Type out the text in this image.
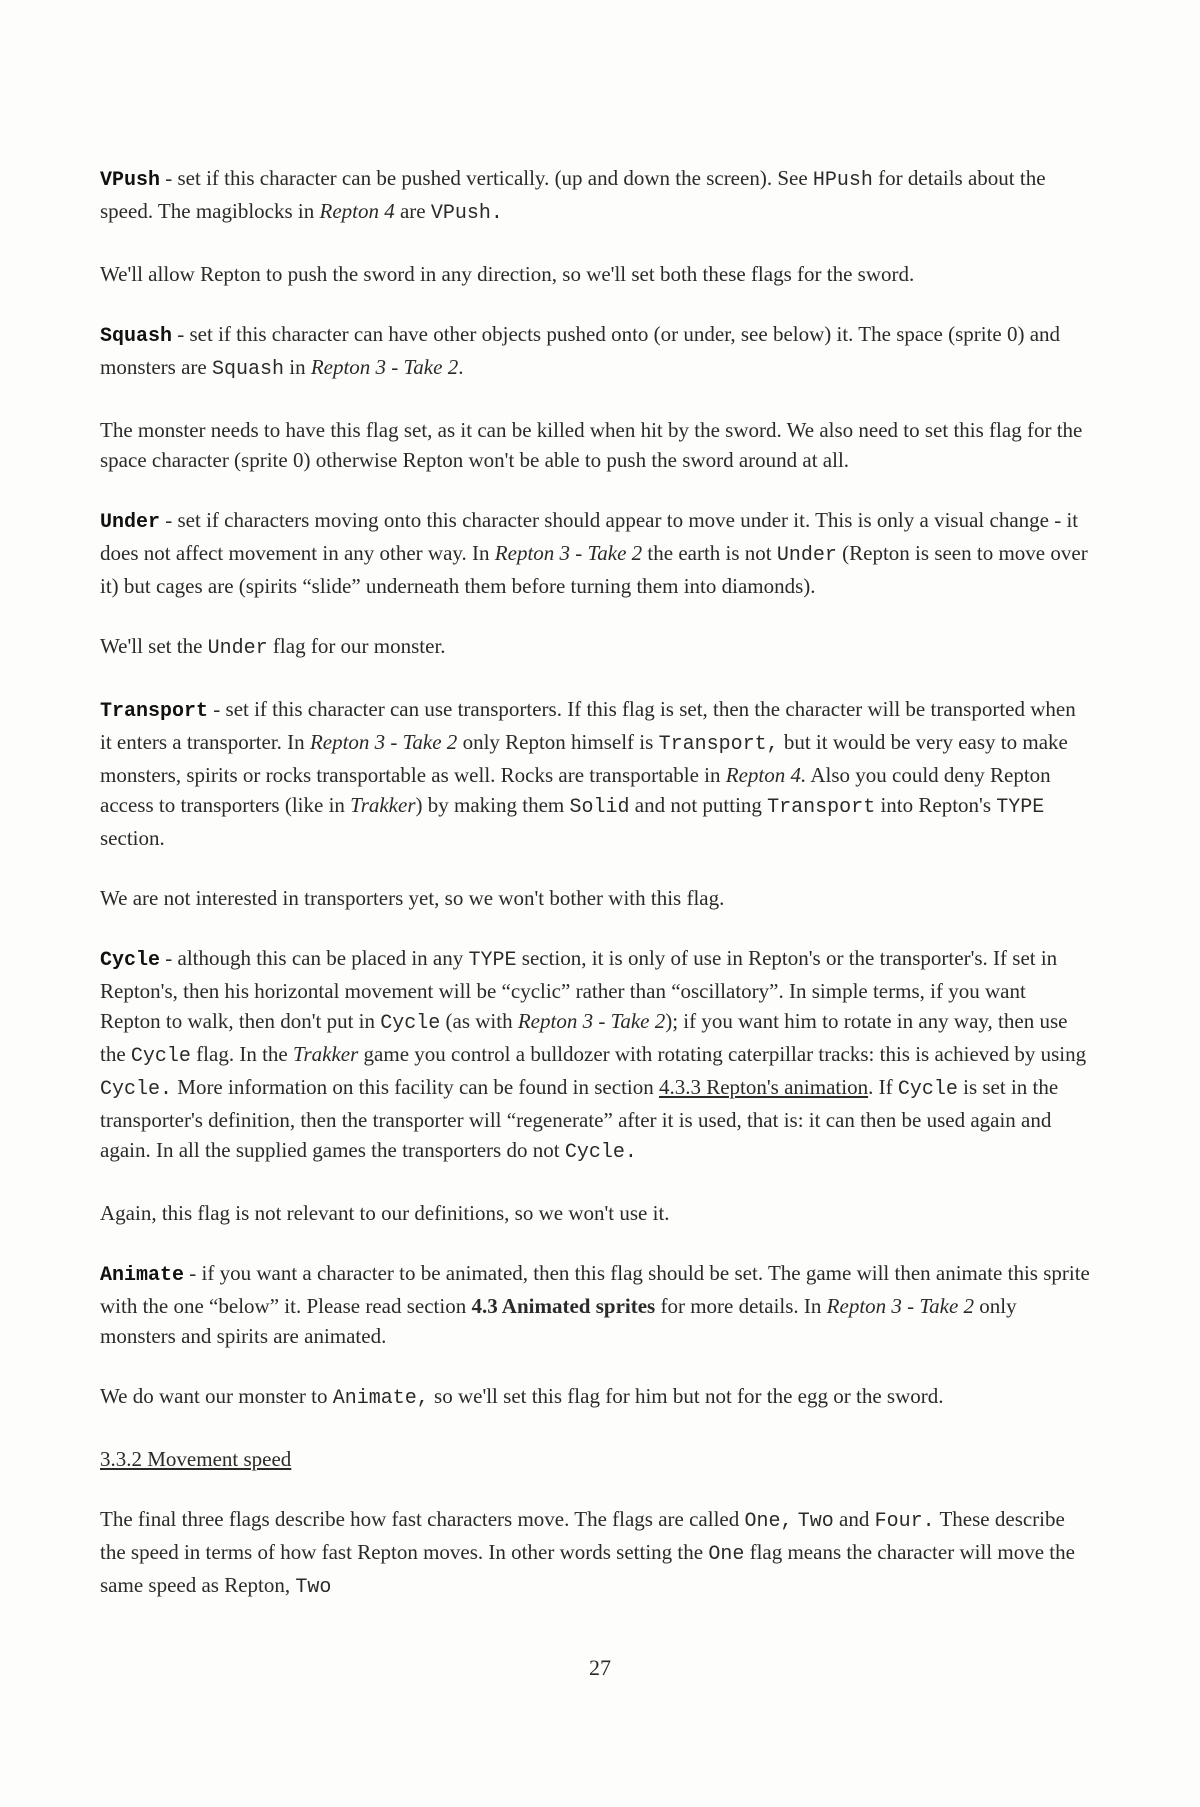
VPush - set if this character can be pushed vertically. (up and down the screen). See HPush for details about the speed. The magiblocks in Repton 4 are VPush.

We'll allow Repton to push the sword in any direction, so we'll set both these flags for the sword.

Squash - set if this character can have other objects pushed onto (or under, see below) it. The space (sprite 0) and monsters are Squash in Repton 3 - Take 2.

The monster needs to have this flag set, as it can be killed when hit by the sword. We also need to set this flag for the space character (sprite 0) otherwise Repton won't be able to push the sword around at all.

Under - set if characters moving onto this character should appear to move under it. This is only a visual change - it does not affect movement in any other way. In Repton 3 - Take 2 the earth is not Under (Repton is seen to move over it) but cages are (spirits “slide” underneath them before turning them into diamonds).

We'll set the Under flag for our monster.

Transport - set if this character can use transporters. If this flag is set, then the character will be transported when it enters a transporter. In Repton 3 - Take 2 only Repton himself is Transport, but it would be very easy to make monsters, spirits or rocks transportable as well. Rocks are transportable in Repton 4. Also you could deny Repton access to transporters (like in Trakker) by making them Solid and not putting Transport into Repton's TYPE section.

We are not interested in transporters yet, so we won't bother with this flag.

Cycle - although this can be placed in any TYPE section, it is only of use in Repton's or the transporter's. If set in Repton's, then his horizontal movement will be “cyclic” rather than “oscillatory”. In simple terms, if you want Repton to walk, then don't put in Cycle (as with Repton 3 - Take 2); if you want him to rotate in any way, then use the Cycle flag. In the Trakker game you control a bulldozer with rotating caterpillar tracks: this is achieved by using Cycle. More information on this facility can be found in section 4.3.3 Repton's animation. If Cycle is set in the transporter's definition, then the transporter will “regenerate” after it is used, that is: it can then be used again and again. In all the supplied games the transporters do not Cycle.

Again, this flag is not relevant to our definitions, so we won't use it.

Animate - if you want a character to be animated, then this flag should be set. The game will then animate this sprite with the one “below” it. Please read section 4.3 Animated sprites for more details. In Repton 3 - Take 2 only monsters and spirits are animated.

We do want our monster to Animate, so we'll set this flag for him but not for the egg or the sword.

3.3.2 Movement speed

The final three flags describe how fast characters move. The flags are called One, Two and Four. These describe the speed in terms of how fast Repton moves. In other words setting the One flag means the character will move the same speed as Repton, Two

27
